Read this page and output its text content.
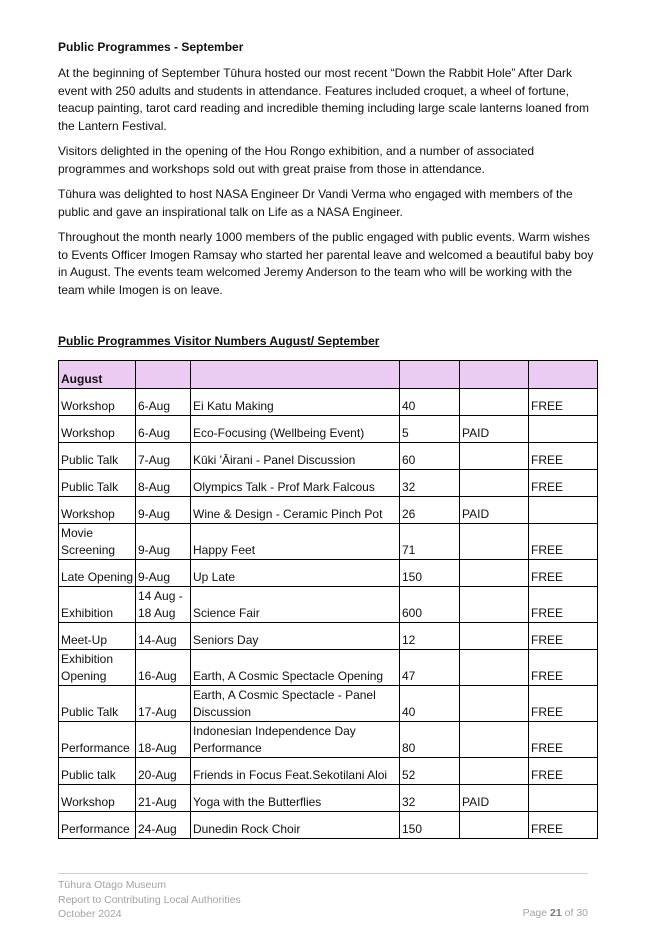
Public Programmes - September

At the beginning of September Tūhura hosted our most recent “Down the Rabbit Hole” After Dark event with 250 adults and students in attendance. Features included croquet, a wheel of fortune, teacup painting, tarot card reading and incredible theming including large scale lanterns loaned from the Lantern Festival.

Visitors delighted in the opening of the Hou Rongo exhibition, and a number of associated programmes and workshops sold out with great praise from those in attendance.

Tūhura was delighted to host NASA Engineer Dr Vandi Verma who engaged with members of the public and gave an inspirational talk on Life as a NASA Engineer.

Throughout the month nearly 1000 members of the public engaged with public events. Warm wishes to Events Officer Imogen Ramsay who started her parental leave and welcomed a beautiful baby boy in August. The events team welcomed Jeremy Anderson to the team who will be working with the team while Imogen is on leave.

Public Programmes Visitor Numbers August/ September
August					
Workshop	6-Aug	Ei Katu Making	40		FREE
Workshop	6-Aug	Eco-Focusing (Wellbeing Event)	5	PAID	
Public Talk	7-Aug	Kūki 'Āirani - Panel Discussion	60		FREE
Public Talk	8-Aug	Olympics Talk - Prof Mark Falcous	32		FREE
Workshop	9-Aug	Wine & Design - Ceramic Pinch Pot	26	PAID	
Movie Screening	9-Aug	Happy Feet	71		FREE
Late Opening	9-Aug	Up Late	150		FREE
Exhibition	14 Aug - 18 Aug	Science Fair	600		FREE
Meet-Up	14-Aug	Seniors Day	12		FREE
Exhibition Opening	16-Aug	Earth, A Cosmic Spectacle Opening	47		FREE
Public Talk	17-Aug	Earth, A Cosmic Spectacle - Panel Discussion	40		FREE
Performance	18-Aug	Indonesian Independence Day Performance	80		FREE
Public talk	20-Aug	Friends in Focus Feat.Sekotilani Aloi	52		FREE
Workshop	21-Aug	Yoga with the Butterflies	32	PAID	
Performance	24-Aug	Dunedin Rock Choir	150		FREE
Tūhura Otago Museum
Report to Contributing Local Authorities
October 2024	Page 21 of 30
